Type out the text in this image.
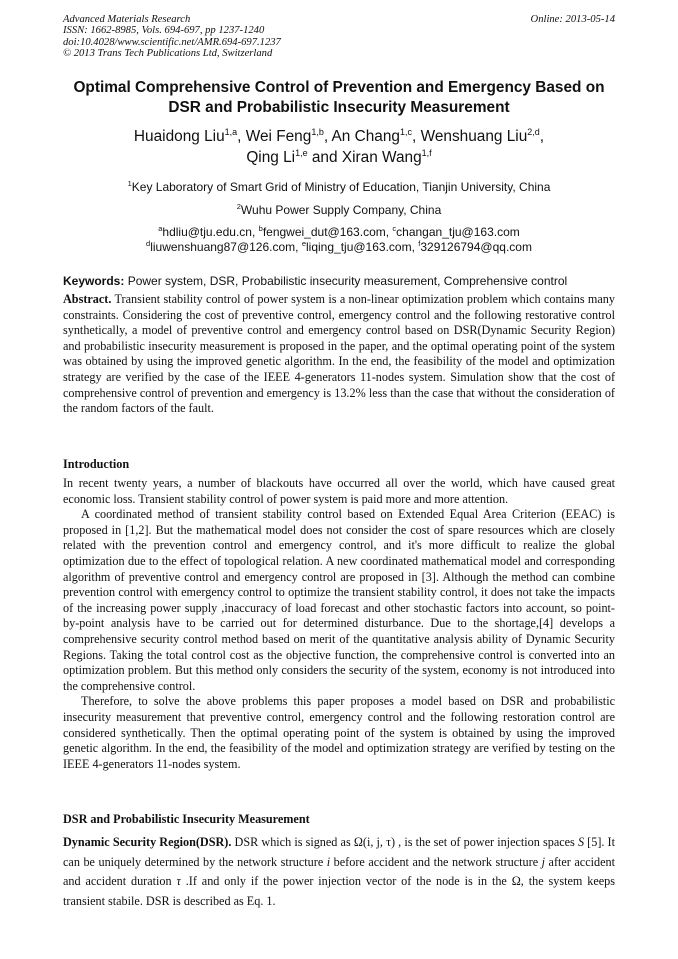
Advanced Materials Research
ISSN: 1662-8985, Vols. 694-697, pp 1237-1240
doi:10.4028/www.scientific.net/AMR.694-697.1237
© 2013 Trans Tech Publications Ltd, Switzerland
Online: 2013-05-14
Optimal Comprehensive Control of Prevention and Emergency Based on
DSR and Probabilistic Insecurity Measurement
Huaidong Liu$^{1,a}$, Wei Feng$^{1,b}$, An Chang$^{1,c}$, Wenshuang Liu$^{2,d}$,
Qing Li$^{1,e}$ and Xiran Wang$^{1,f}$
$^1$Key Laboratory of Smart Grid of Ministry of Education, Tianjin University, China
$^2$Wuhu Power Supply Company, China
$^a$hdliu@tju.edu.cn, $^b$fengwei_dut@163.com, $^c$changan_tju@163.com
$^d$liuwenshuang87@126.com, $^e$liqing_tju@163.com, $^f$329126794@qq.com
Keywords: Power system, DSR, Probabilistic insecurity measurement, Comprehensive control
Abstract. Transient stability control of power system is a non-linear optimization problem which contains many constraints. Considering the cost of preventive control, emergency control and the following restorative control synthetically, a model of preventive control and emergency control based on DSR(Dynamic Security Region) and probabilistic insecurity measurement is proposed in the paper, and the optimal operating point of the system was obtained by using the improved genetic algorithm. In the end, the feasibility of the model and optimization strategy are verified by the case of the IEEE 4-generators 11-nodes system. Simulation show that the cost of comprehensive control of prevention and emergency is 13.2% less than the case that without the consideration of the random factors of the fault.
Introduction

In recent twenty years, a number of blackouts have occurred all over the world, which have caused great economic loss. Transient stability control of power system is paid more and more attention.

A coordinated method of transient stability control based on Extended Equal Area Criterion (EEAC) is proposed in [1,2]. But the mathematical model does not consider the cost of spare resources which are closely related with the prevention control and emergency control, and it's more difficult to realize the global optimization due to the effect of topological relation. A new coordinated mathematical model and corresponding algorithm of preventive control and emergency control are proposed in [3]. Although the method can combine prevention control with emergency control to optimize the transient stability control, it does not take the impacts of the increasing power supply ,inaccuracy of load forecast and other stochastic factors into account, so point-by-point analysis have to be carried out for determined disturbance. Due to the shortage,[4] develops a comprehensive security control method based on merit of the quantitative analysis ability of Dynamic Security Regions. Taking the total control cost as the objective function, the comprehensive control is converted into an optimization problem. But this method only considers the security of the system, economy is not introduced into the comprehensive control.

Therefore, to solve the above problems this paper proposes a model based on DSR and probabilistic insecurity measurement that preventive control, emergency control and the following restoration control are considered synthetically. Then the optimal operating point of the system is obtained by using the improved genetic algorithm. In the end, the feasibility of the model and optimization strategy are verified by testing on the IEEE 4-generators 11-nodes system.

DSR and Probabilistic Insecurity Measurement

Dynamic Security Region(DSR). DSR which is signed as Ω(i, j, τ) , is the set of power injection spaces S [5]. It can be uniquely determined by the network structure i before accident and the network structure j after accident and accident duration τ .If and only if the power injection vector of the node is in the Ω, the system keeps transient stabile. DSR is described as Eq. 1.
